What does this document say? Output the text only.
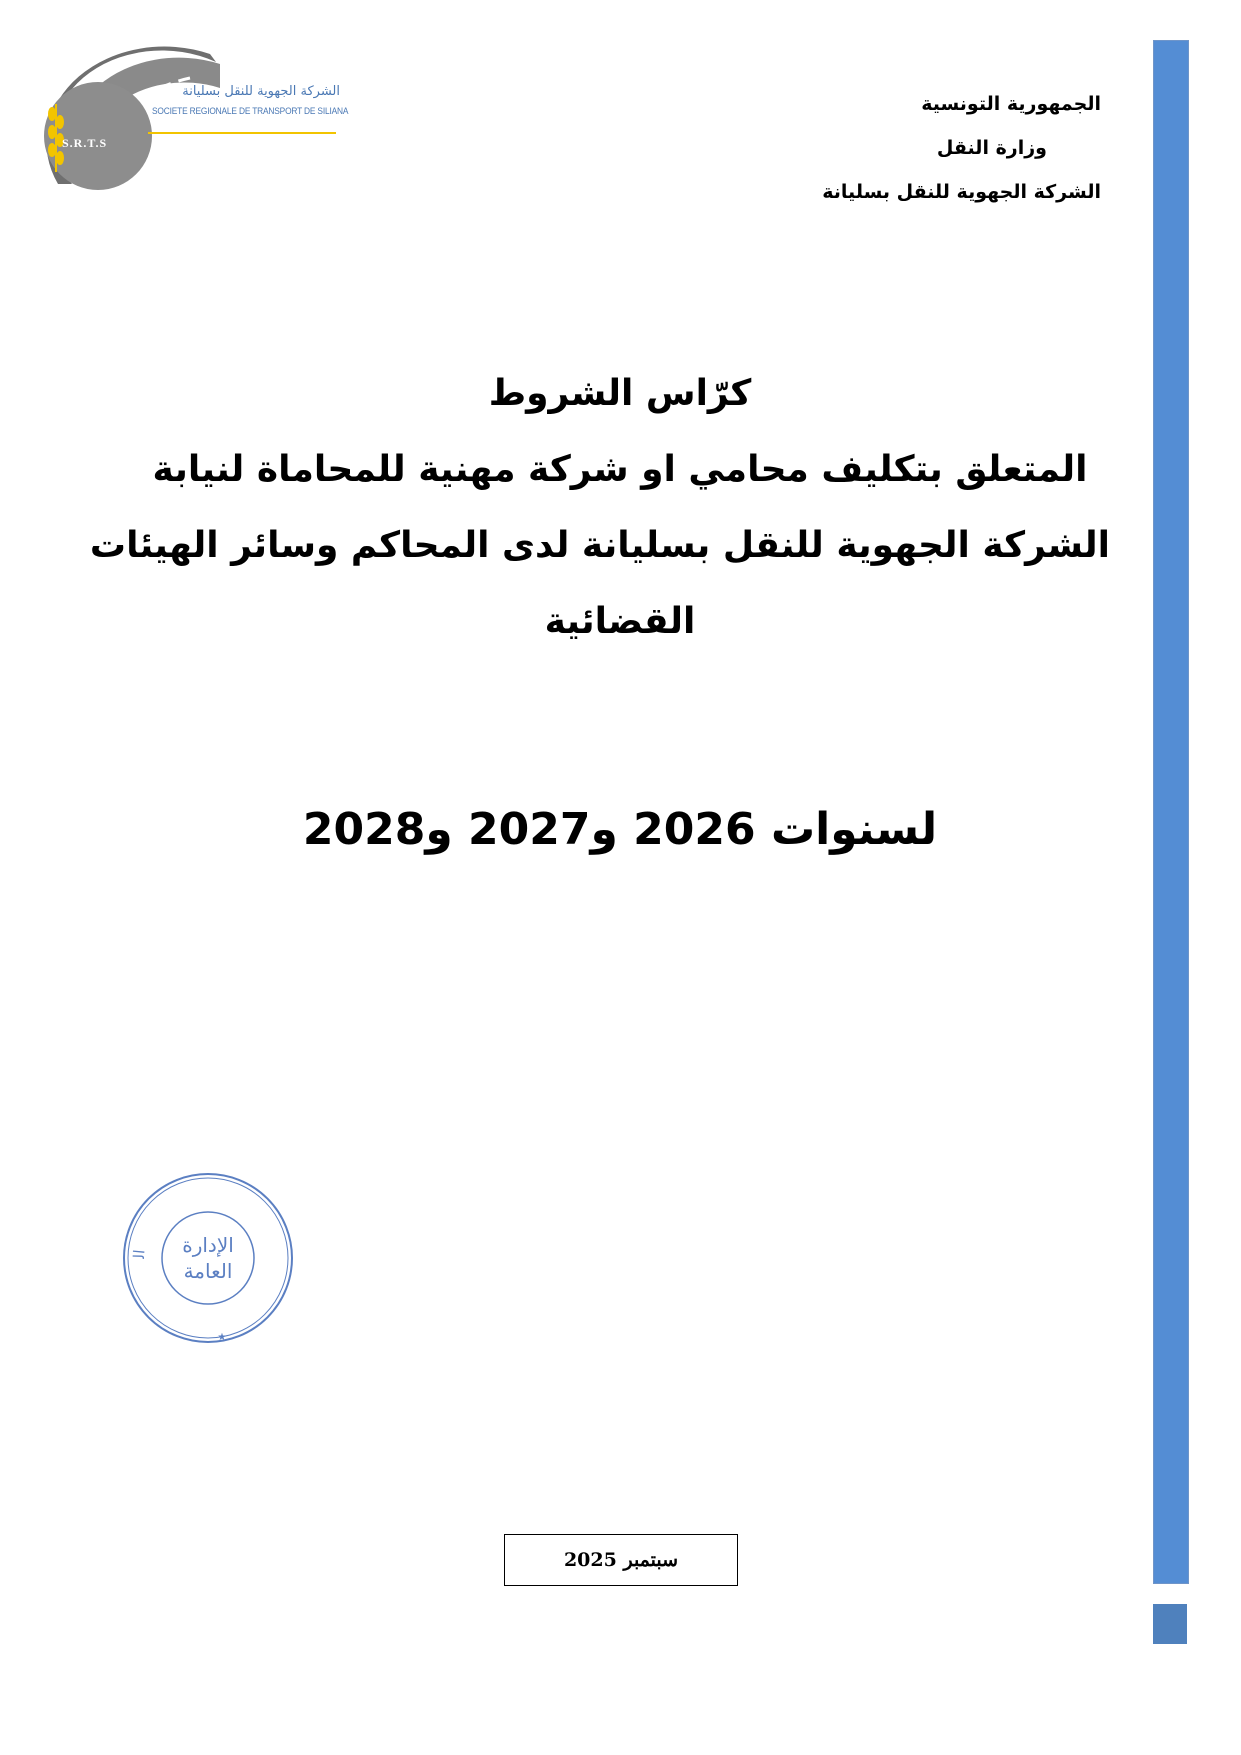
الشركة الجهوية للنقل بسليانة
SOCIETE REGIONALE DE TRANSPORT DE SILIANA
S.R.T.S
الجمهورية التونسية
وزارة النقل
الشركة الجهوية للنقل بسليانة
كرّاس الشروط
المتعلق بتكليف محامي او شركة مهنية للمحاماة لنيابة
الشركة الجهوية للنقل بسليانة لدى المحاكم وسائر الهيئات
القضائية
لسنوات 2026 و2027 و2028
ال الإدارة
العامة
★
سبتمبر 2025
